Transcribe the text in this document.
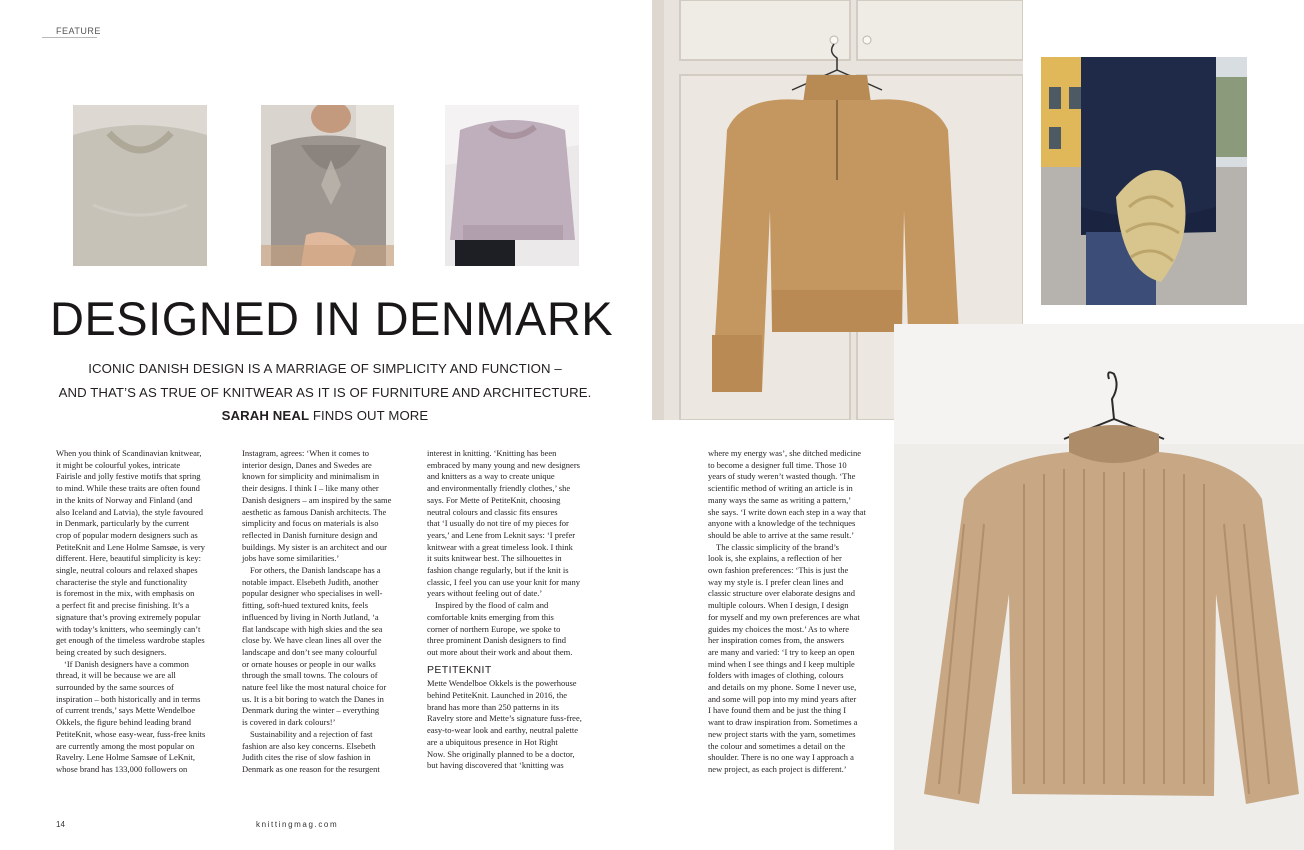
FEATURE
DESIGNED IN DENMARK
ICONIC DANISH DESIGN IS A MARRIAGE OF SIMPLICITY AND FUNCTION –
AND THAT’S AS TRUE OF KNITWEAR AS IT IS OF FURNITURE AND ARCHITECTURE.
SARAH NEAL FINDS OUT MORE

When you think of Scandinavian knitwear,

it might be colourful yokes, intricate

Fairisle and jolly festive motifs that spring

to mind. While these traits are often found

in the knits of Norway and Finland (and

also Iceland and Latvia), the style favoured

in Denmark, particularly by the current

crop of popular modern designers such as

PetiteKnit and Lene Holme Samsøe, is very

different. Here, beautiful simplicity is key:

single, neutral colours and relaxed shapes

characterise the style and functionality

is foremost in the mix, with emphasis on

a perfect fit and precise finishing. It’s a

signature that’s proving extremely popular

with today’s knitters, who seemingly can’t

get enough of the timeless wardrobe staples

being created by such designers.

‘If Danish designers have a common

thread, it will be because we are all

surrounded by the same sources of

inspiration – both historically and in terms

of current trends,’ says Mette Wendelboe

Okkels, the figure behind leading brand

PetiteKnit, whose easy-wear, fuss-free knits

are currently among the most popular on

Ravelry. Lene Holme Samsøe of LeKnit,

whose brand has 133,000 followers on

Instagram, agrees: ‘When it comes to

interior design, Danes and Swedes are

known for simplicity and minimalism in

their designs. I think I – like many other

Danish designers – am inspired by the same

aesthetic as famous Danish architects. The

simplicity and focus on materials is also

reflected in Danish furniture design and

buildings. My sister is an architect and our

jobs have some similarities.’

For others, the Danish landscape has a

notable impact. Elsebeth Judith, another

popular designer who specialises in well-

fitting, soft-hued textured knits, feels

influenced by living in North Jutland, ‘a

flat landscape with high skies and the sea

close by. We have clean lines all over the

landscape and don’t see many colourful

or ornate houses or people in our walks

through the small towns. The colours of

nature feel like the most natural choice for

us. It is a bit boring to watch the Danes in

Denmark during the winter – everything

is covered in dark colours!’

Sustainability and a rejection of fast

fashion are also key concerns. Elsebeth

Judith cites the rise of slow fashion in

Denmark as one reason for the resurgent

interest in knitting. ‘Knitting has been

embraced by many young and new designers

and knitters as a way to create unique

and environmentally friendly clothes,’ she

says. For Mette of PetiteKnit, choosing

neutral colours and classic fits ensures

that ‘I usually do not tire of my pieces for

years,’ and Lene from Leknit says: ‘I prefer

knitwear with a great timeless look. I think

it suits knitwear best. The silhouettes in

fashion change regularly, but if the knit is

classic, I feel you can use your knit for many

years without feeling out of date.’

Inspired by the flood of calm and

comfortable knits emerging from this

corner of northern Europe, we spoke to

three prominent Danish designers to find

out more about their work and about them.

PETITEKNIT

Mette Wendelboe Okkels is the powerhouse

behind PetiteKnit. Launched in 2016, the

brand has more than 250 patterns in its

Ravelry store and Mette’s signature fuss-free,

easy-to-wear look and earthy, neutral palette

are a ubiquitous presence in Hot Right

Now. She originally planned to be a doctor,

but having discovered that ‘knitting was

where my energy was’, she ditched medicine

to become a designer full time. Those 10

years of study weren’t wasted though. ‘The

scientific method of writing an article is in

many ways the same as writing a pattern,’

she says. ‘I write down each step in a way that

anyone with a knowledge of the techniques

should be able to arrive at the same result.’

The classic simplicity of the brand’s

look is, she explains, a reflection of her

own fashion preferences: ‘This is just the

way my style is. I prefer clean lines and

classic structure over elaborate designs and

multiple colours. When I design, I design

for myself and my own preferences are what

guides my choices the most.’ As to where

her inspiration comes from, the answers

are many and varied: ‘I try to keep an open

mind when I see things and I keep multiple

folders with images of clothing, colours

and details on my phone. Some I never use,

and some will pop into my mind years after

I have found them and be just the thing I

want to draw inspiration from. Sometimes a

new project starts with the yarn, sometimes

the colour and sometimes a detail on the

shoulder. There is no one way I approach a

new project, as each project is different.’

14	knittingmag.com
